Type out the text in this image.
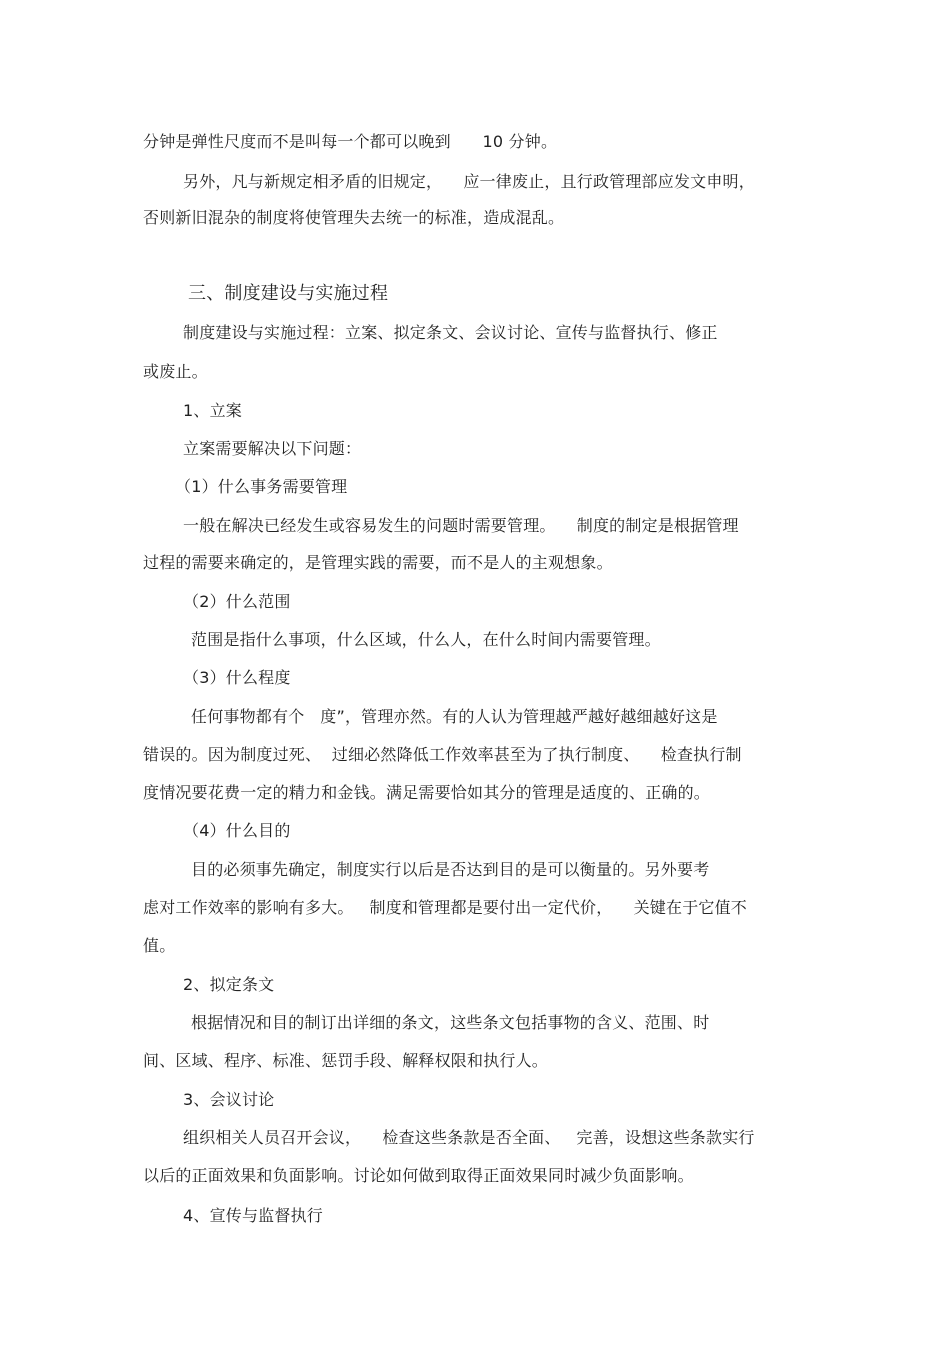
分钟是弹性尺度而不是叫每一个都可以晚到      10 分钟。
另外，凡与新规定相矛盾的旧规定，    应一律废止，且行政管理部应发文申明，
否则新旧混杂的制度将使管理失去统一的标准，造成混乱。
三、制度建设与实施过程
制度建设与实施过程：立案、拟定条文、会议讨论、宣传与监督执行、修正
或废止。
1、立案
立案需要解决以下问题：
（1）什么事务需要管理
一般在解决已经发生或容易发生的问题时需要管理。    制度的制定是根据管理
过程的需要来确定的，是管理实践的需要，而不是人的主观想象。
（2）什么范围
范围是指什么事项，什么区域，什么人，在什么时间内需要管理。
（3）什么程度
任何事物都有个   度”，管理亦然。有的人认为管理越严越好越细越好这是
错误的。因为制度过死、  过细必然降低工作效率甚至为了执行制度、    检查执行制
度情况要花费一定的精力和金钱。满足需要恰如其分的管理是适度的、正确的。
（4）什么目的
目的必须事先确定，制度实行以后是否达到目的是可以衡量的。另外要考
虑对工作效率的影响有多大。   制度和管理都是要付出一定代价，    关键在于它值不
值。
2、拟定条文
根据情况和目的制订出详细的条文，这些条文包括事物的含义、范围、时
间、区域、程序、标准、惩罚手段、解释权限和执行人。
3、会议讨论
组织相关人员召开会议，    检查这些条款是否全面、   完善，设想这些条款实行
以后的正面效果和负面影响。讨论如何做到取得正面效果同时减少负面影响。
4、宣传与监督执行
